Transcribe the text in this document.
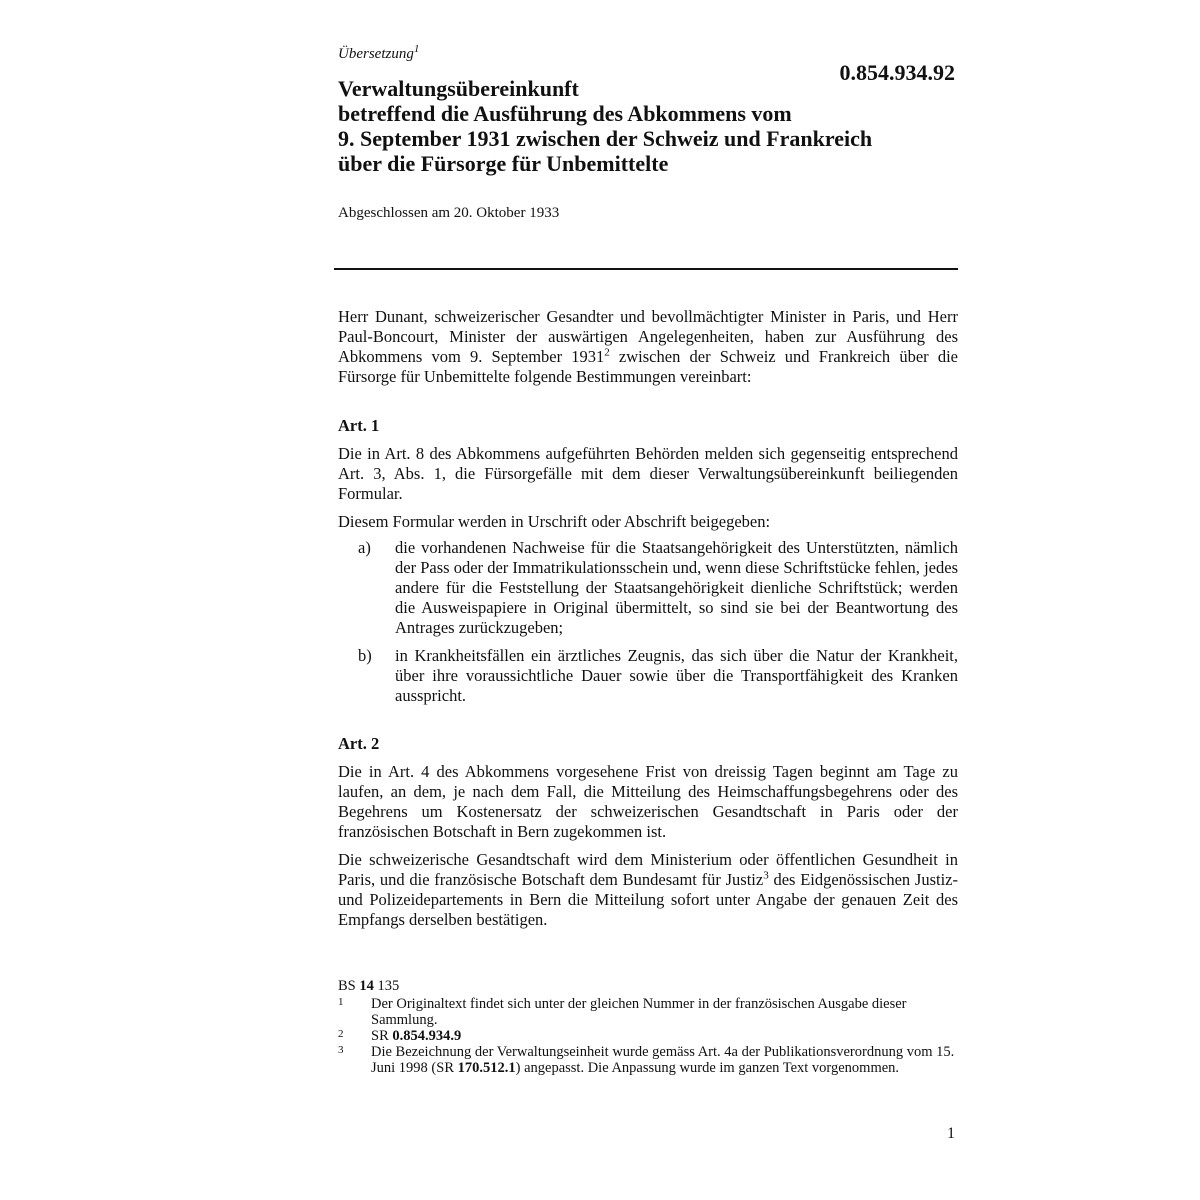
Übersetzung$^1$
0.854.934.92
Verwaltungsübereinkunft
betreffend die Ausführung des Abkommens vom
9. September 1931 zwischen der Schweiz und Frankreich
über die Fürsorge für Unbemittelte
Abgeschlossen am 20. Oktober 1933

Herr Dunant, schweizerischer Gesandter und bevollmächtigter Minister in Paris, und Herr Paul-Boncourt, Minister der auswärtigen Angelegenheiten, haben zur Ausführung des Abkommens vom 9. September 1931$^2$ zwischen der Schweiz und Frankreich über die Fürsorge für Unbemittelte folgende Bestimmungen vereinbart:

Art. 1

Die in Art. 8 des Abkommens aufgeführten Behörden melden sich gegenseitig entsprechend Art. 3, Abs. 1, die Fürsorgefälle mit dem dieser Verwaltungsübereinkunft beiliegenden Formular.

Diesem Formular werden in Urschrift oder Abschrift beigegeben:

a) die vorhandenen Nachweise für die Staatsangehörigkeit des Unterstützten, nämlich der Pass oder der Immatrikulationsschein und, wenn diese Schriftstücke fehlen, jedes andere für die Feststellung der Staatsangehörigkeit dienliche Schriftstück; werden die Ausweispapiere in Original übermittelt, so sind sie bei der Beantwortung des Antrages zurückzugeben;
b) in Krankheitsfällen ein ärztliches Zeugnis, das sich über die Natur der Krankheit, über ihre voraussichtliche Dauer sowie über die Transportfähigkeit des Kranken ausspricht.
Art. 2

Die in Art. 4 des Abkommens vorgesehene Frist von dreissig Tagen beginnt am Tage zu laufen, an dem, je nach dem Fall, die Mitteilung des Heimschaffungsbegehrens oder des Begehrens um Kostenersatz der schweizerischen Gesandtschaft in Paris oder der französischen Botschaft in Bern zugekommen ist.

Die schweizerische Gesandtschaft wird dem Ministerium oder öffentlichen Gesundheit in Paris, und die französische Botschaft dem Bundesamt für Justiz$^3$ des Eidgenössischen Justiz- und Polizeidepartements in Bern die Mitteilung sofort unter Angabe der genauen Zeit des Empfangs derselben bestätigen.

BS 14 135
1 Der Originaltext findet sich unter der gleichen Nummer in der französischen Ausgabe dieser Sammlung.
2 SR 0.854.934.9
3 Die Bezeichnung der Verwaltungseinheit wurde gemäss Art. 4a der Publikationsverordnung vom 15. Juni 1998 (SR 170.512.1) angepasst. Die Anpassung wurde im ganzen Text vorgenommen.
1
